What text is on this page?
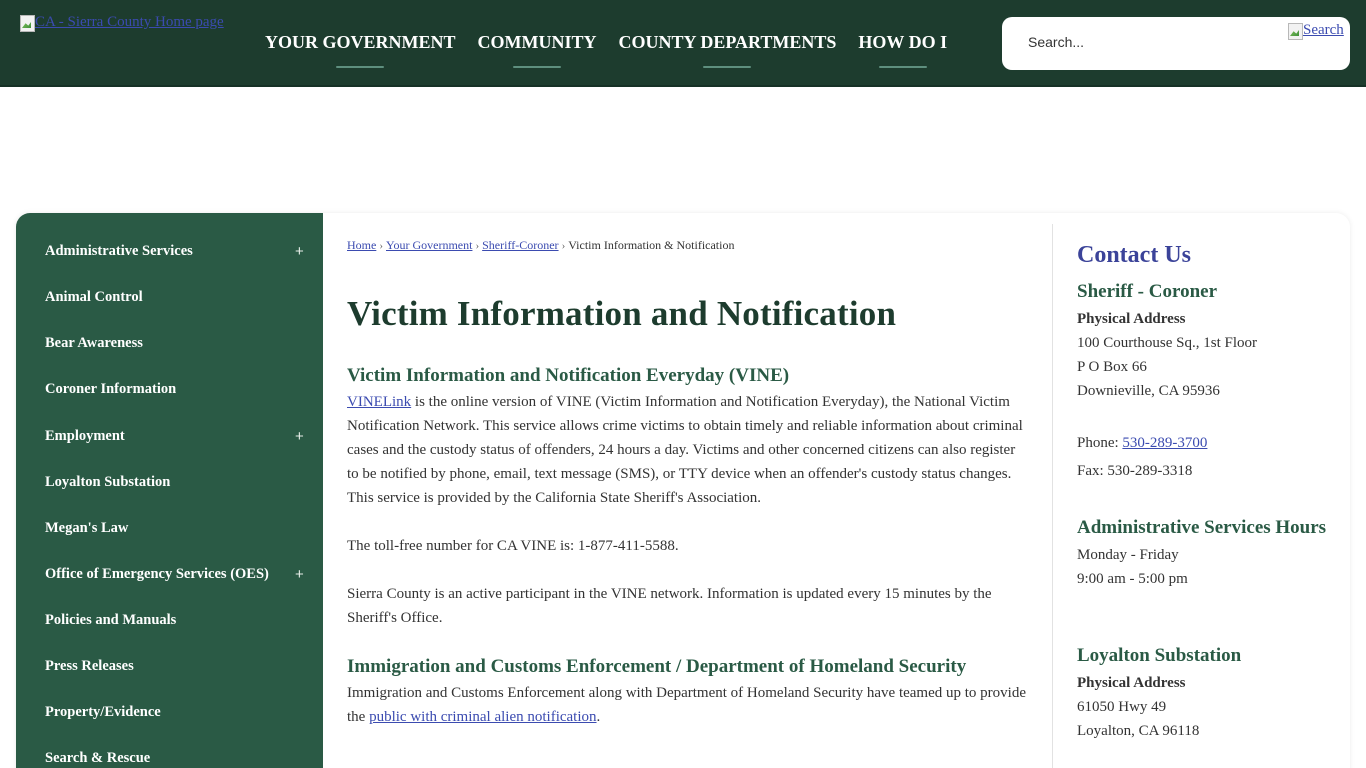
CA - Sierra County Home page
YOUR GOVERNMENT COMMUNITY COUNTY DEPARTMENTS HOW DO I
Search...
Search
Administrative Services	+
Animal Control
Bear Awareness
Coroner Information
Employment	+
Loyalton Substation
Megan's Law
Office of Emergency Services (OES) +
Policies and Manuals
Press Releases
Property/Evidence
Search & Rescue
Home › Your Government › Sheriff-Coroner › Victim Information & Notification
Victim Information and Notification
Victim Information and Notification Everyday (VINE)

VINELink is the online version of VINE (Victim Information and Notification Everyday), the National Victim Notification Network. This service allows crime victims to obtain timely and reliable information about criminal cases and the custody status of offenders, 24 hours a day. Victims and other concerned citizens can also register to be notified by phone, email, text message (SMS), or TTY device when an offender's custody status changes. This service is provided by the California State Sheriff's Association.

The toll-free number for CA VINE is: 1-877-411-5588.

Sierra County is an active participant in the VINE network. Information is updated every 15 minutes by the Sheriff's Office.

Immigration and Customs Enforcement / Department of Homeland Security

Immigration and Customs Enforcement along with Department of Homeland Security have teamed up to provide the public with criminal alien notification.

Contact Us
Sheriff - Coroner
Physical Address
100 Courthouse Sq., 1st Floor
P O Box 66
Downieville, CA 95936
Phone: 530-289-3700
Fax: 530-289-3318
Administrative Services Hours
Monday - Friday
9:00 am - 5:00 pm
Loyalton Substation
Physical Address
61050 Hwy 49
Loyalton, CA 96118
